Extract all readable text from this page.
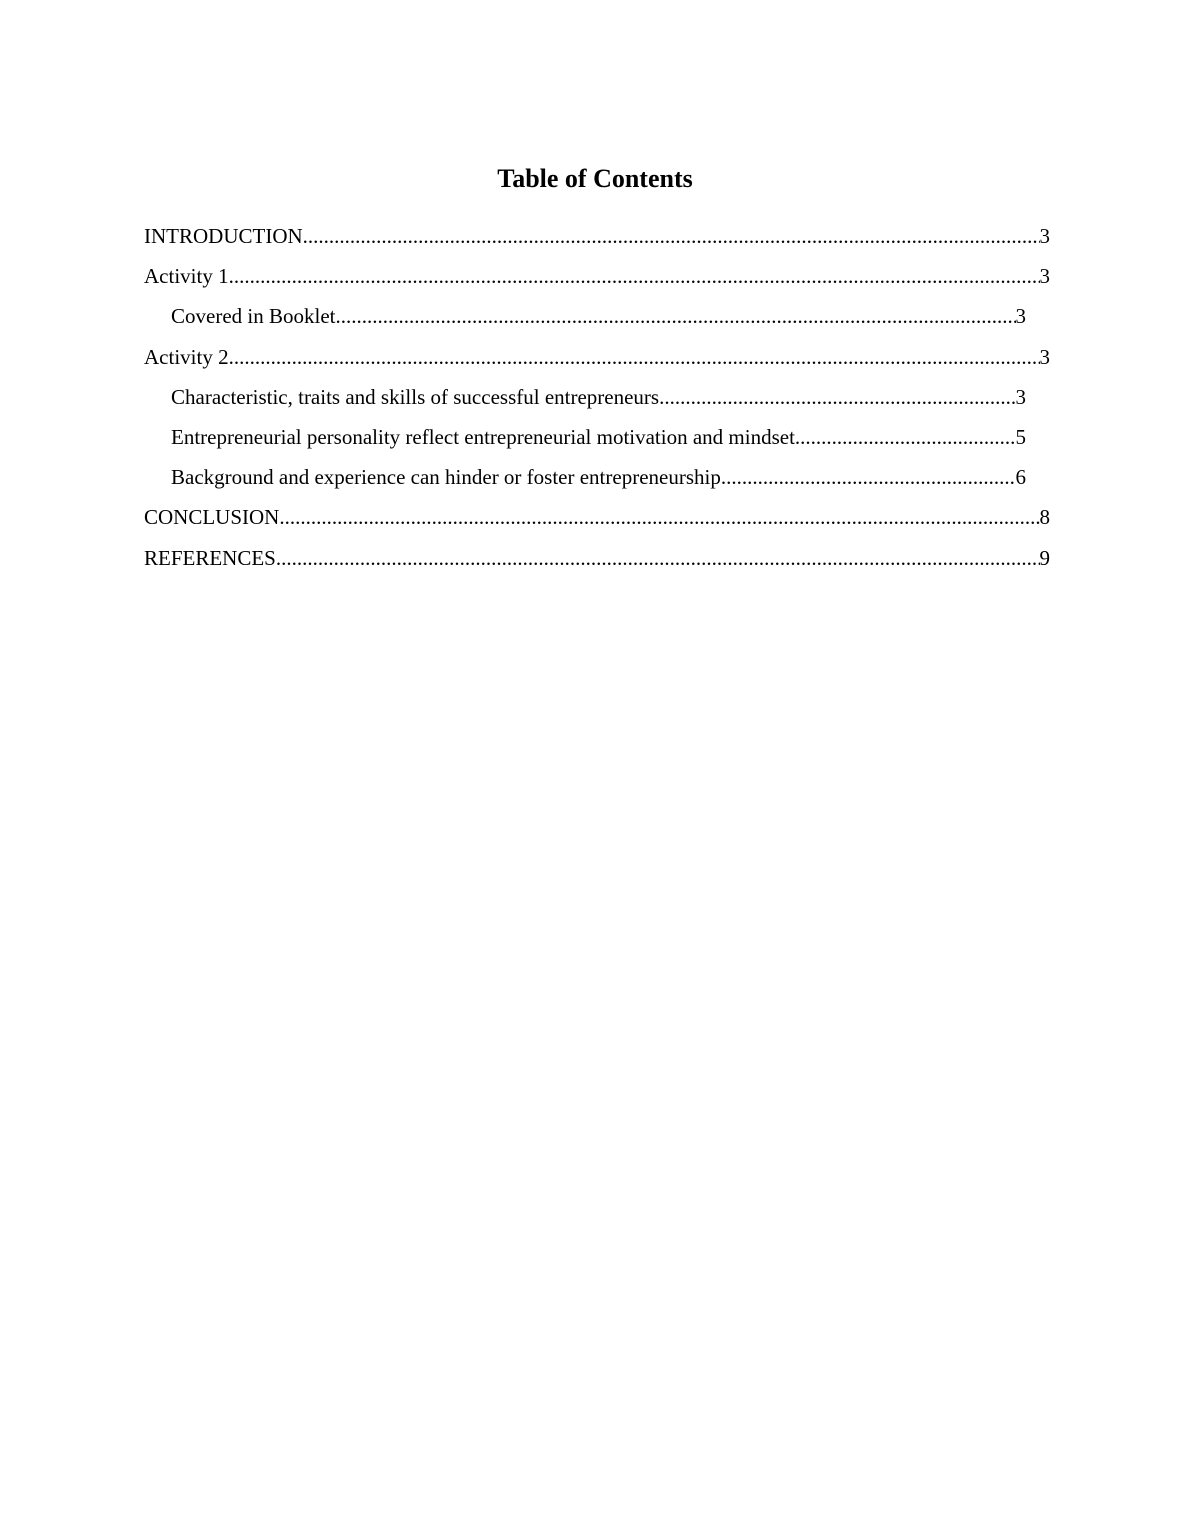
Table of Contents
INTRODUCTION .....	3
Activity 1 .....	3
Covered in Booklet .....	3
Activity 2 .....	3
Characteristic, traits and skills of successful entrepreneurs .....	3
Entrepreneurial personality reflect entrepreneurial motivation and mindset .....	5
Background and experience can hinder or foster entrepreneurship .....	6
CONCLUSION .....	8
REFERENCES .....	9
